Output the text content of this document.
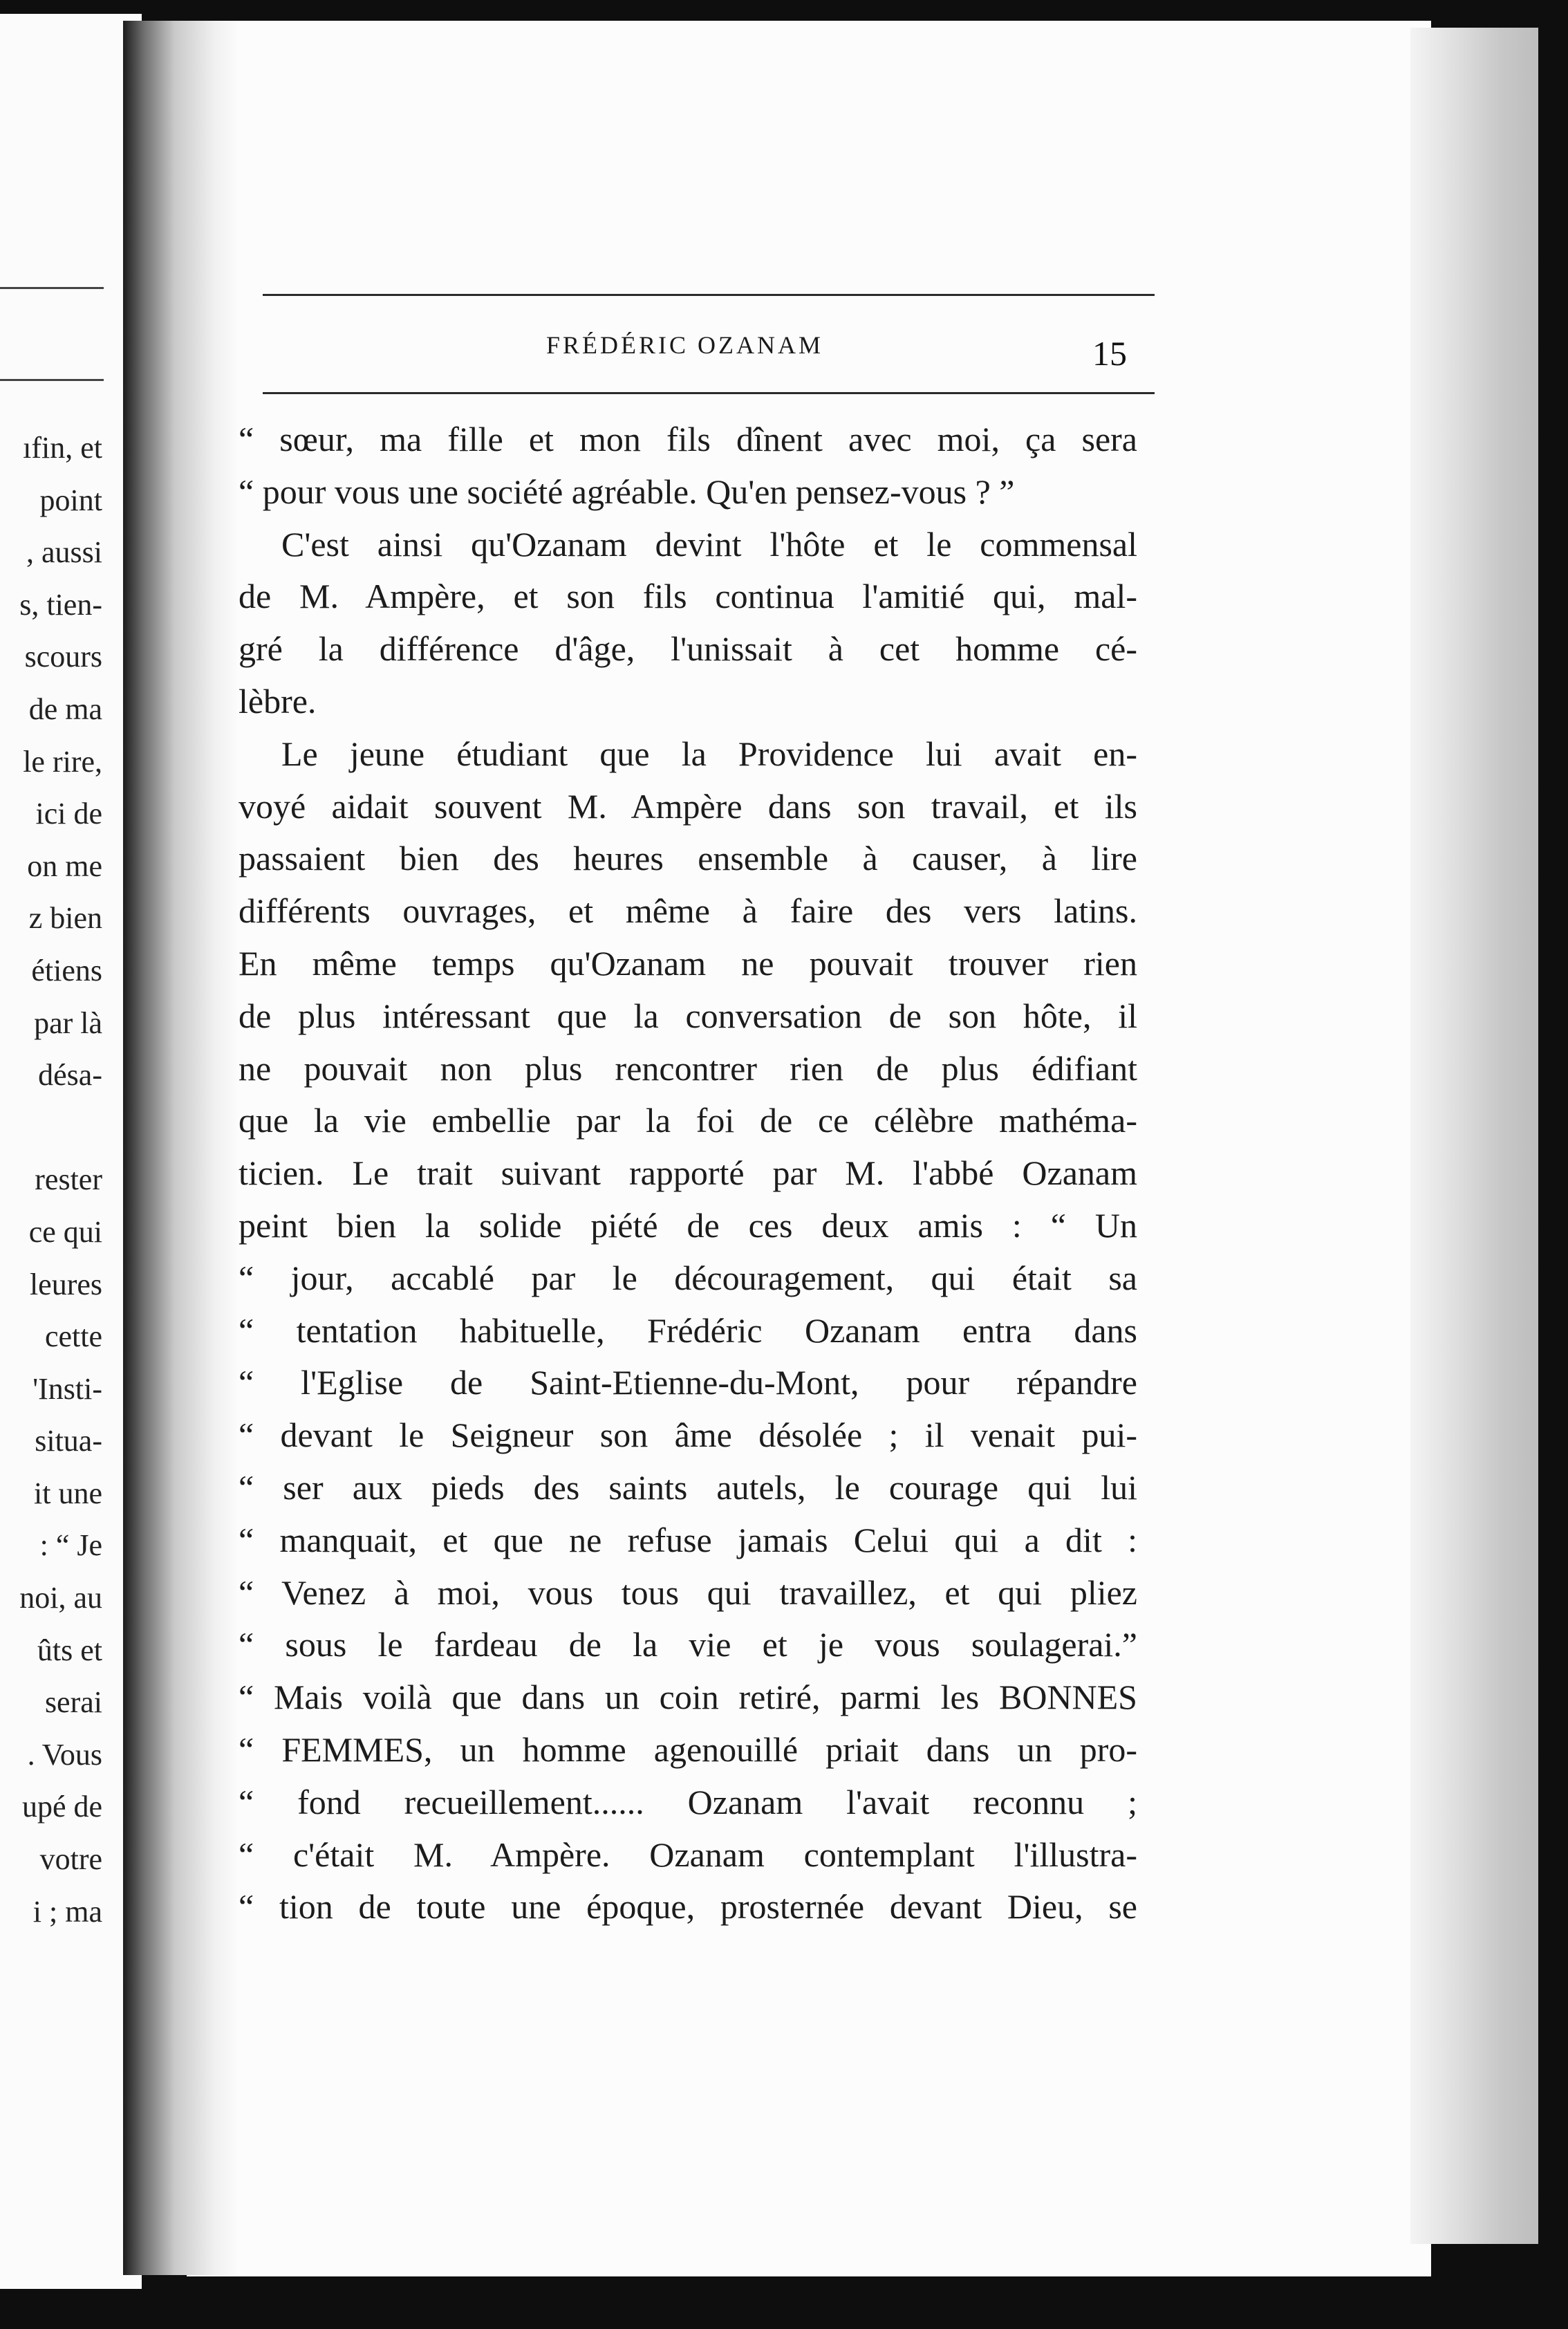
ıfin, et
point
, aussi
s, tien-
scours
de ma
le rire,
ici de
on me
z bien
étiens
par là
désa-
rester
ce qui
leures
cette
'Insti-
situa-
it une
: “ Je
noi, au
ûts et
serai
. Vous
upé de
votre
i ; ma
FRÉDÉRIC OZANAM	15
“ sœur, ma fille et mon fils dînent avec moi, ça sera
“ pour vous une société agréable. Qu'en pensez-vous ? ”
C'est ainsi qu'Ozanam devint l'hôte et le commensal
de M. Ampère, et son fils continua l'amitié qui, mal-
gré la différence d'âge, l'unissait à cet homme cé-
lèbre.
Le jeune étudiant que la Providence lui avait en-
voyé aidait souvent M. Ampère dans son travail, et ils
passaient bien des heures ensemble à causer, à lire
différents ouvrages, et même à faire des vers latins.
En même temps qu'Ozanam ne pouvait trouver rien
de plus intéressant que la conversation de son hôte, il
ne pouvait non plus rencontrer rien de plus édifiant
que la vie embellie par la foi de ce célèbre mathéma-
ticien. Le trait suivant rapporté par M. l'abbé Ozanam
peint bien la solide piété de ces deux amis : “ Un
“ jour, accablé par le découragement, qui était sa
“ tentation habituelle, Frédéric Ozanam entra dans
“ l'Eglise de Saint-Etienne-du-Mont, pour répandre
“ devant le Seigneur son âme désolée ; il venait pui-
“ ser aux pieds des saints autels, le courage qui lui
“ manquait, et que ne refuse jamais Celui qui a dit :
“ Venez à moi, vous tous qui travaillez, et qui pliez
“ sous le fardeau de la vie et je vous soulagerai.”
“ Mais voilà que dans un coin retiré, parmi les BONNES
“ FEMMES, un homme agenouillé priait dans un pro-
“ fond recueillement...... Ozanam l'avait reconnu ;
“ c'était M. Ampère. Ozanam contemplant l'illustra-
“ tion de toute une époque, prosternée devant Dieu, se
